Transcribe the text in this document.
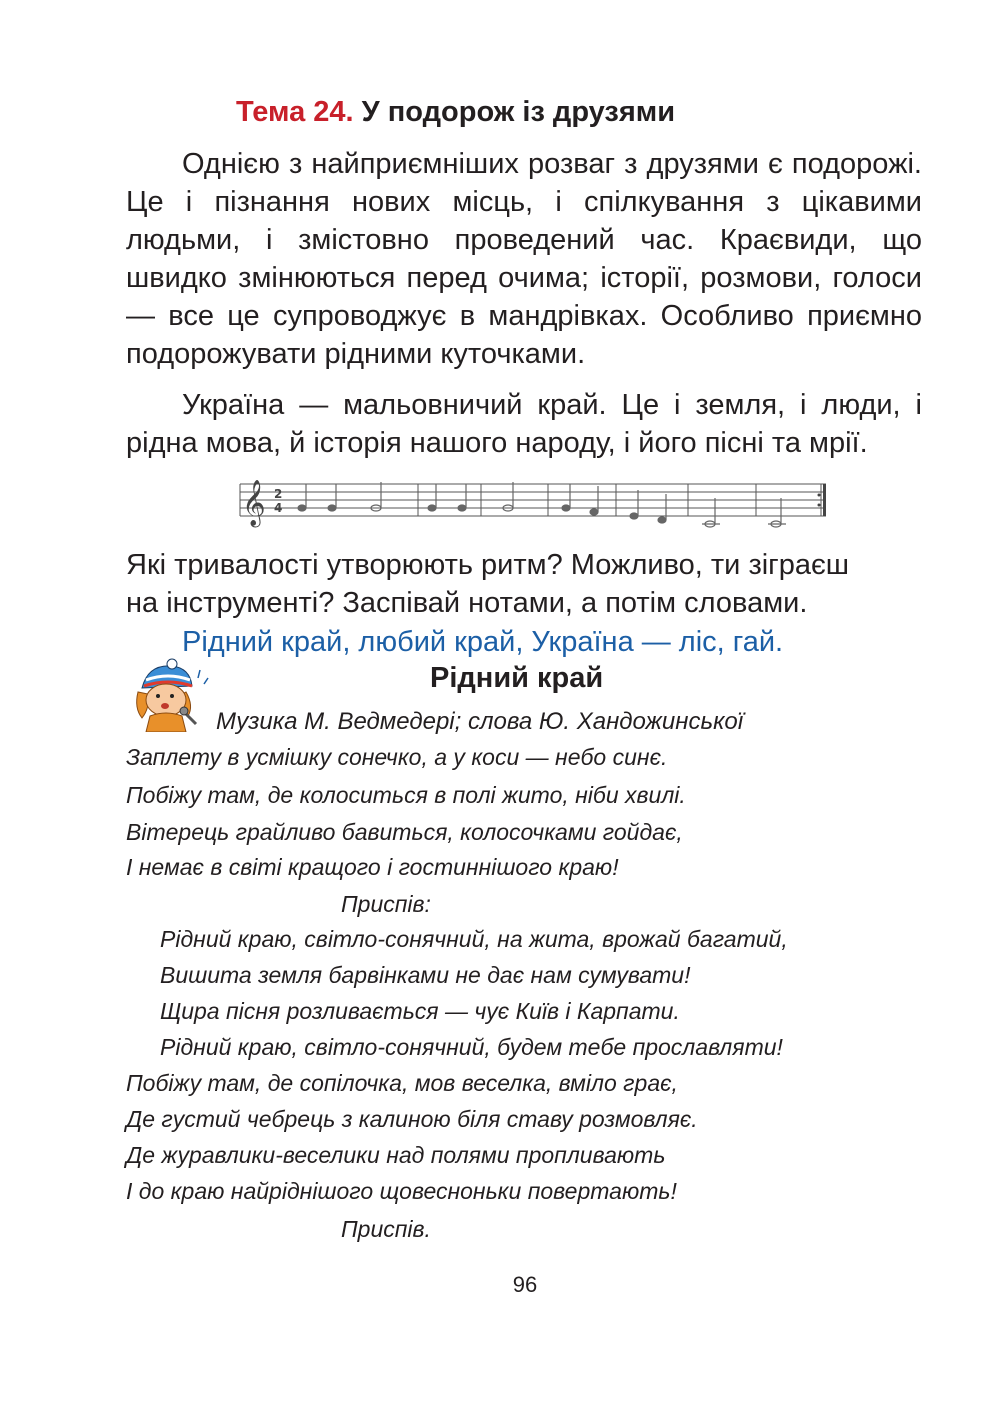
Тема 24. У подорож із друзями
Однією з найприємніших розваг з друзями є подорожі. Це і пізнання нових місць, і спілкування з цікавими людьми, і змістовно проведений час. Краєвиди, що швидко змінюються перед очима; історії, розмови, голоси — все це супроводжує в мандрівках. Особливо приємно подорожувати рідними куточками.
Україна — мальовничий край. Це і земля, і люди, і рідна мова, й історія нашого народу, і його пісні та мрії.
𝄞 2
4
Які тривалості утворюють ритм? Можливо, ти зіграєш
на інструменті? Заспівай нотами, а потім словами.
Рідний край, любий край, Україна — ліс, гай.
Рідний край
Музика М. Ведмедері; слова Ю. Хандожинської
Заплету в усмішку сонечко, а у коси — небо синє.
Побіжу там, де колоситься в полі жито, ніби хвилі.
Вітерець грайливо бавиться, колосочками гойдає,
І немає в світі кращого і гостиннішого краю!
Приспів:
Рідний краю, світло-сонячний, на жита, врожай багатий,
Вишита земля барвінками не дає нам сумувати!
Щира пісня розливається — чує Київ і Карпати.
Рідний краю, світло-сонячний, будем тебе прославляти!
Побіжу там, де сопілочка, мов веселка, вміло грає,
Де густий чебрець з калиною біля ставу розмовляє.
Де журавлики-веселики над полями пропливають
І до краю найріднішого щовесноньки повертають!
Приспів.
96
